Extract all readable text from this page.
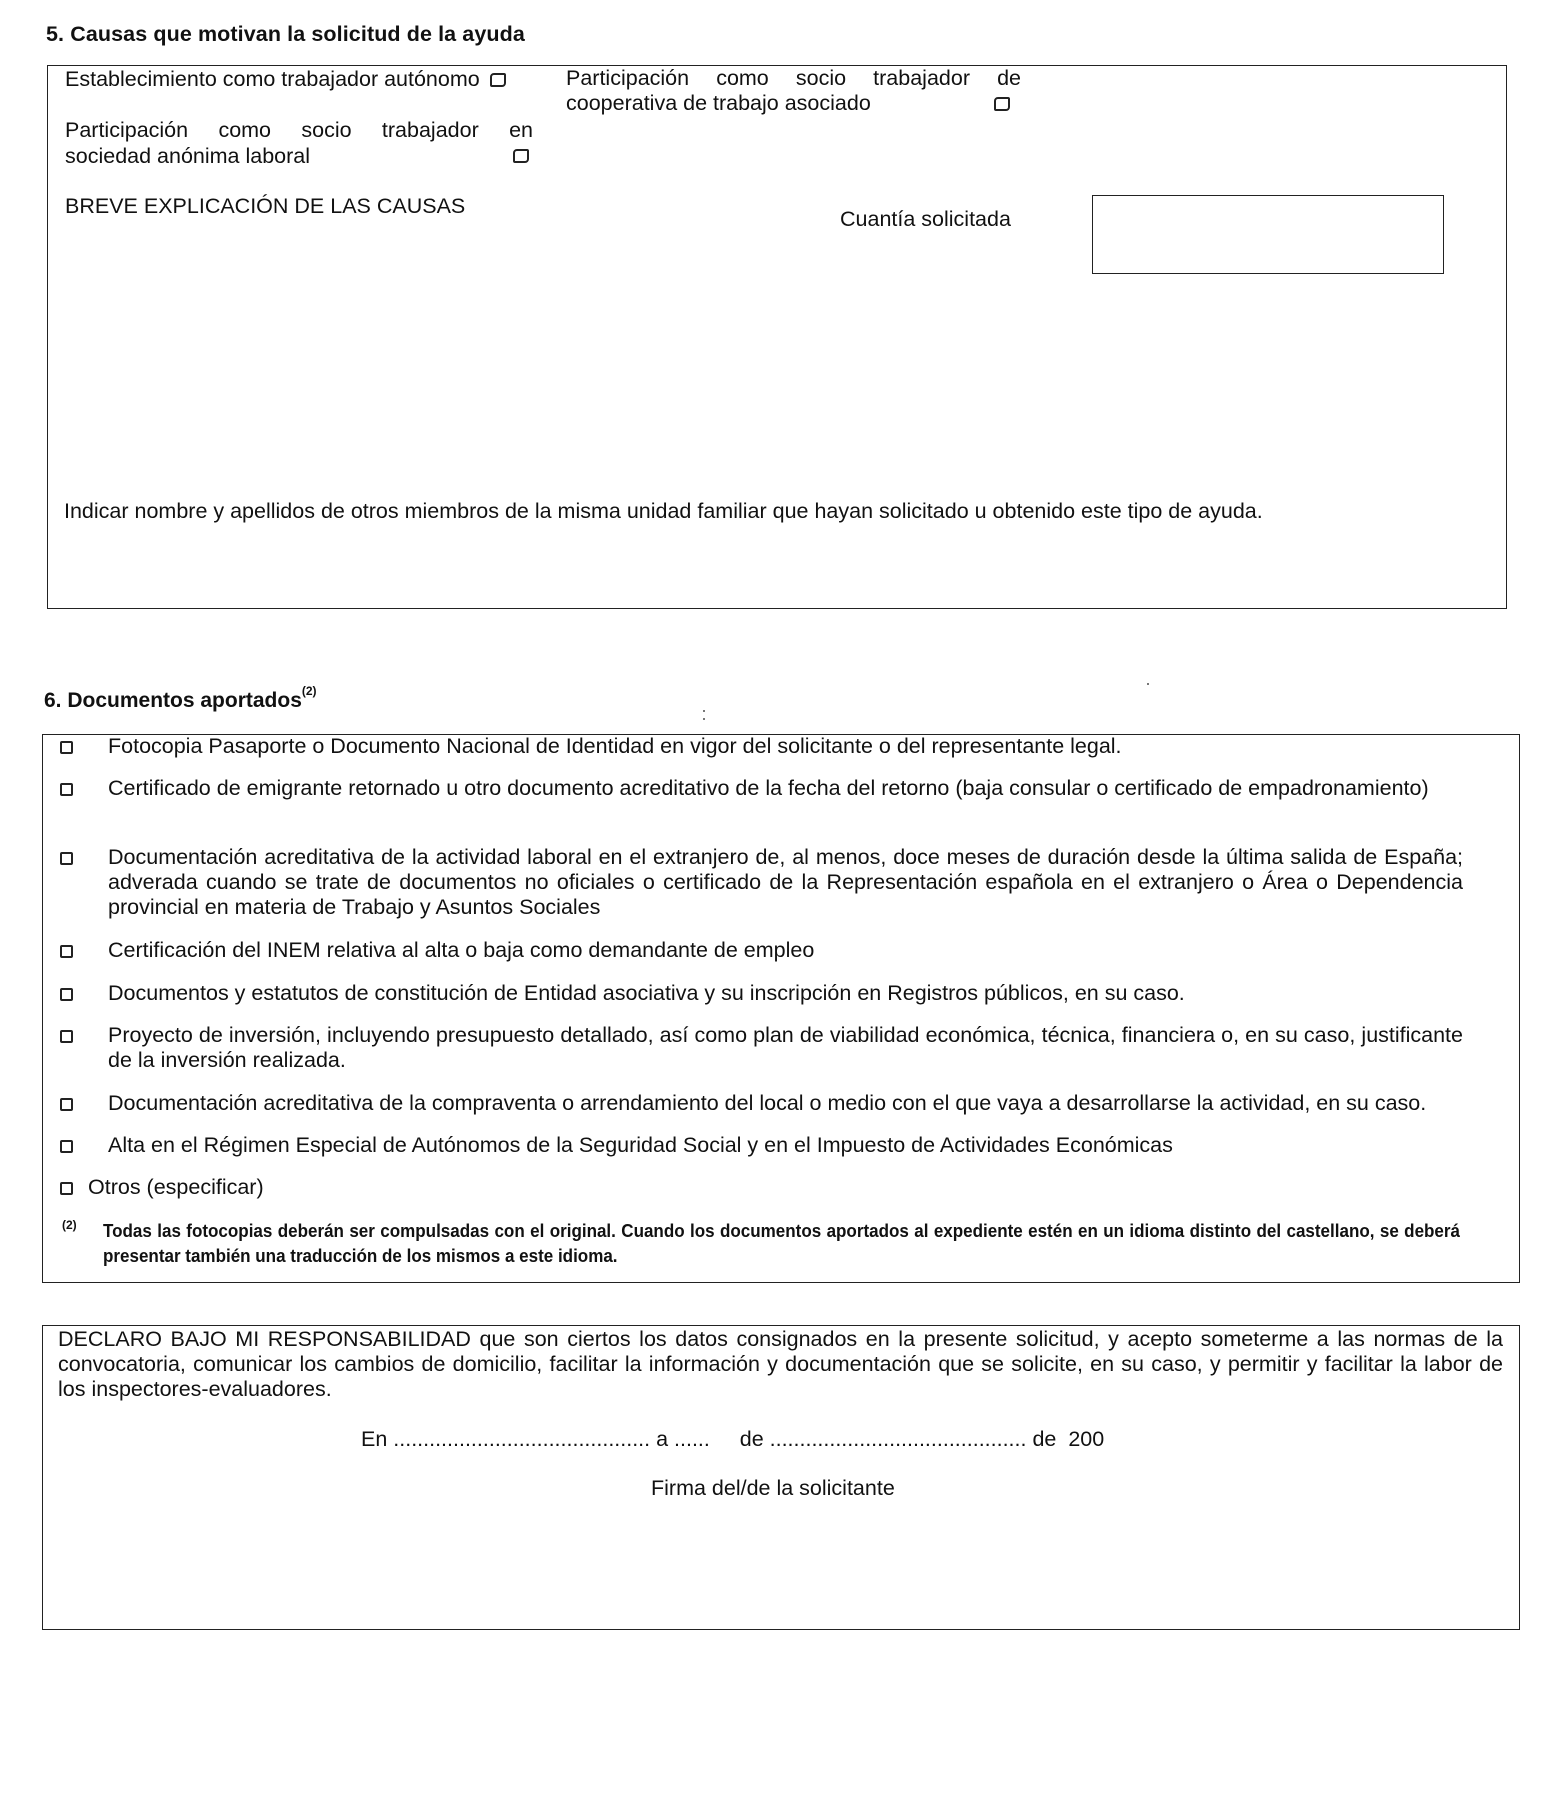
5. Causas que motivan la solicitud de la ayuda
Establecimiento como trabajador autónomo
Participación como socio trabajador en
sociedad anónima laboral
Participación como socio trabajador de
cooperativa de trabajo asociado
BREVE EXPLICACIÓN DE LAS CAUSAS
Cuantía solicitada
Indicar nombre y apellidos de otros miembros de la misma unidad familiar que hayan solicitado u obtenido este tipo de ayuda.
6. Documentos aportados$^{(2)}$
Fotocopia Pasaporte o Documento Nacional de Identidad en vigor del solicitante o del representante legal.
Certificado de emigrante retornado u otro documento acreditativo de la fecha del retorno (baja consular o certificado de empadronamiento)
Documentación acreditativa de la actividad laboral en el extranjero de, al menos, doce meses de duración desde la última salida de España; adverada cuando se trate de documentos no oficiales o certificado de la Representación española en el extranjero o Área o Dependencia provincial en materia de Trabajo y Asuntos Sociales
Certificación del INEM relativa al alta o baja como demandante de empleo
Documentos y estatutos de constitución de Entidad asociativa y su inscripción en Registros públicos, en su caso.
Proyecto de inversión, incluyendo presupuesto detallado, así como plan de viabilidad económica, técnica, financiera o, en su caso, justificante de la inversión realizada.
Documentación acreditativa de la compraventa o arrendamiento del local o medio con el que vaya a desarrollarse la actividad, en su caso.
Alta en el Régimen Especial de Autónomos de la Seguridad Social y en el Impuesto de Actividades Económicas
Otros (especificar)
(2) Todas las fotocopias deberán ser compulsadas con el original. Cuando los documentos aportados al expediente estén en un idioma distinto del castellano, se deberá presentar también una traducción de los mismos a este idioma.
DECLARO BAJO MI RESPONSABILIDAD que son ciertos los datos consignados en la presente solicitud, y acepto someterme a las normas de la convocatoria, comunicar los cambios de domicilio, facilitar la información y documentación que se solicite, en su caso, y permitir y facilitar la labor de los inspectores-evaluadores.
En ........................................... a ......     de ........................................... de  200
Firma del/de la solicitante
